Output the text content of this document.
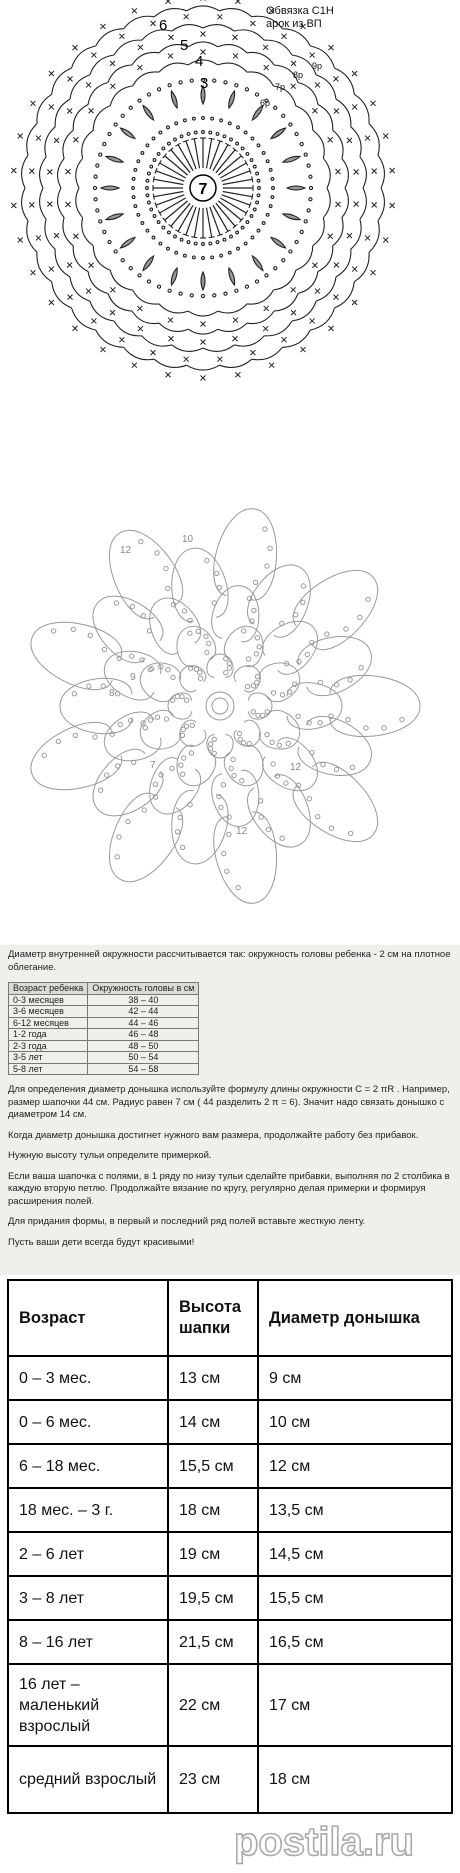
7
6
5
4
3
Обвязка С1Н
арок из ВП
6р
7р
8р
9р
12
10
7
12
8
9
12

Диаметр внутренней окружности рассчитывается так: окружность головы ребенка - 2 см на плотное облегание.

Возраст ребенка	Окружность головы в см
0-3 месяцев	38 – 40
3-6 месяцев	42 – 44
6-12 месяцев	44 – 46
1-2 года	46 – 48
2-3 года	48 – 50
3-5 лет	50 – 54
5-8 лет	54 – 58

Для определения диаметр донышка используйте формулу длины окружности C = 2 πR . Например, размер шапочки 44 см. Радиус равен 7 см ( 44 разделить 2 π = 6). Значит надо связать донышко с диаметром 14 см.

Когда диаметр донышка достигнет нужного вам размера, продолжайте работу без прибавок.

Нужную высоту тульи определите примеркой.

Если ваша шапочка с полями, в 1 ряду по низу тульи сделайте прибавки, выполняя по 2 столбика в каждую вторую петлю. Продолжайте вязание по кругу, регулярно делая примерки и формируя расширения полей.

Для придания формы, в первый и последний ряд полей вставьте жесткую ленту.

Пусть ваши дети всегда будут красивыми!

Возраст	Высота шапки	Диаметр донышка
0 – 3 мес.	13 см	9 см
0 – 6 мес.	14 см	10 см
6 – 18 мес.	15,5 см	12 см
18 мес. – 3 г.	18 см	13,5 см
2 – 6 лет	19 см	14,5 см
3 – 8 лет	19,5 см	15,5 см
8 – 16 лет	21,5 см	16,5 см
16 лет – маленький взрослый	22 см	17 см
средний взрослый	23 см	18 см
postila.ru
